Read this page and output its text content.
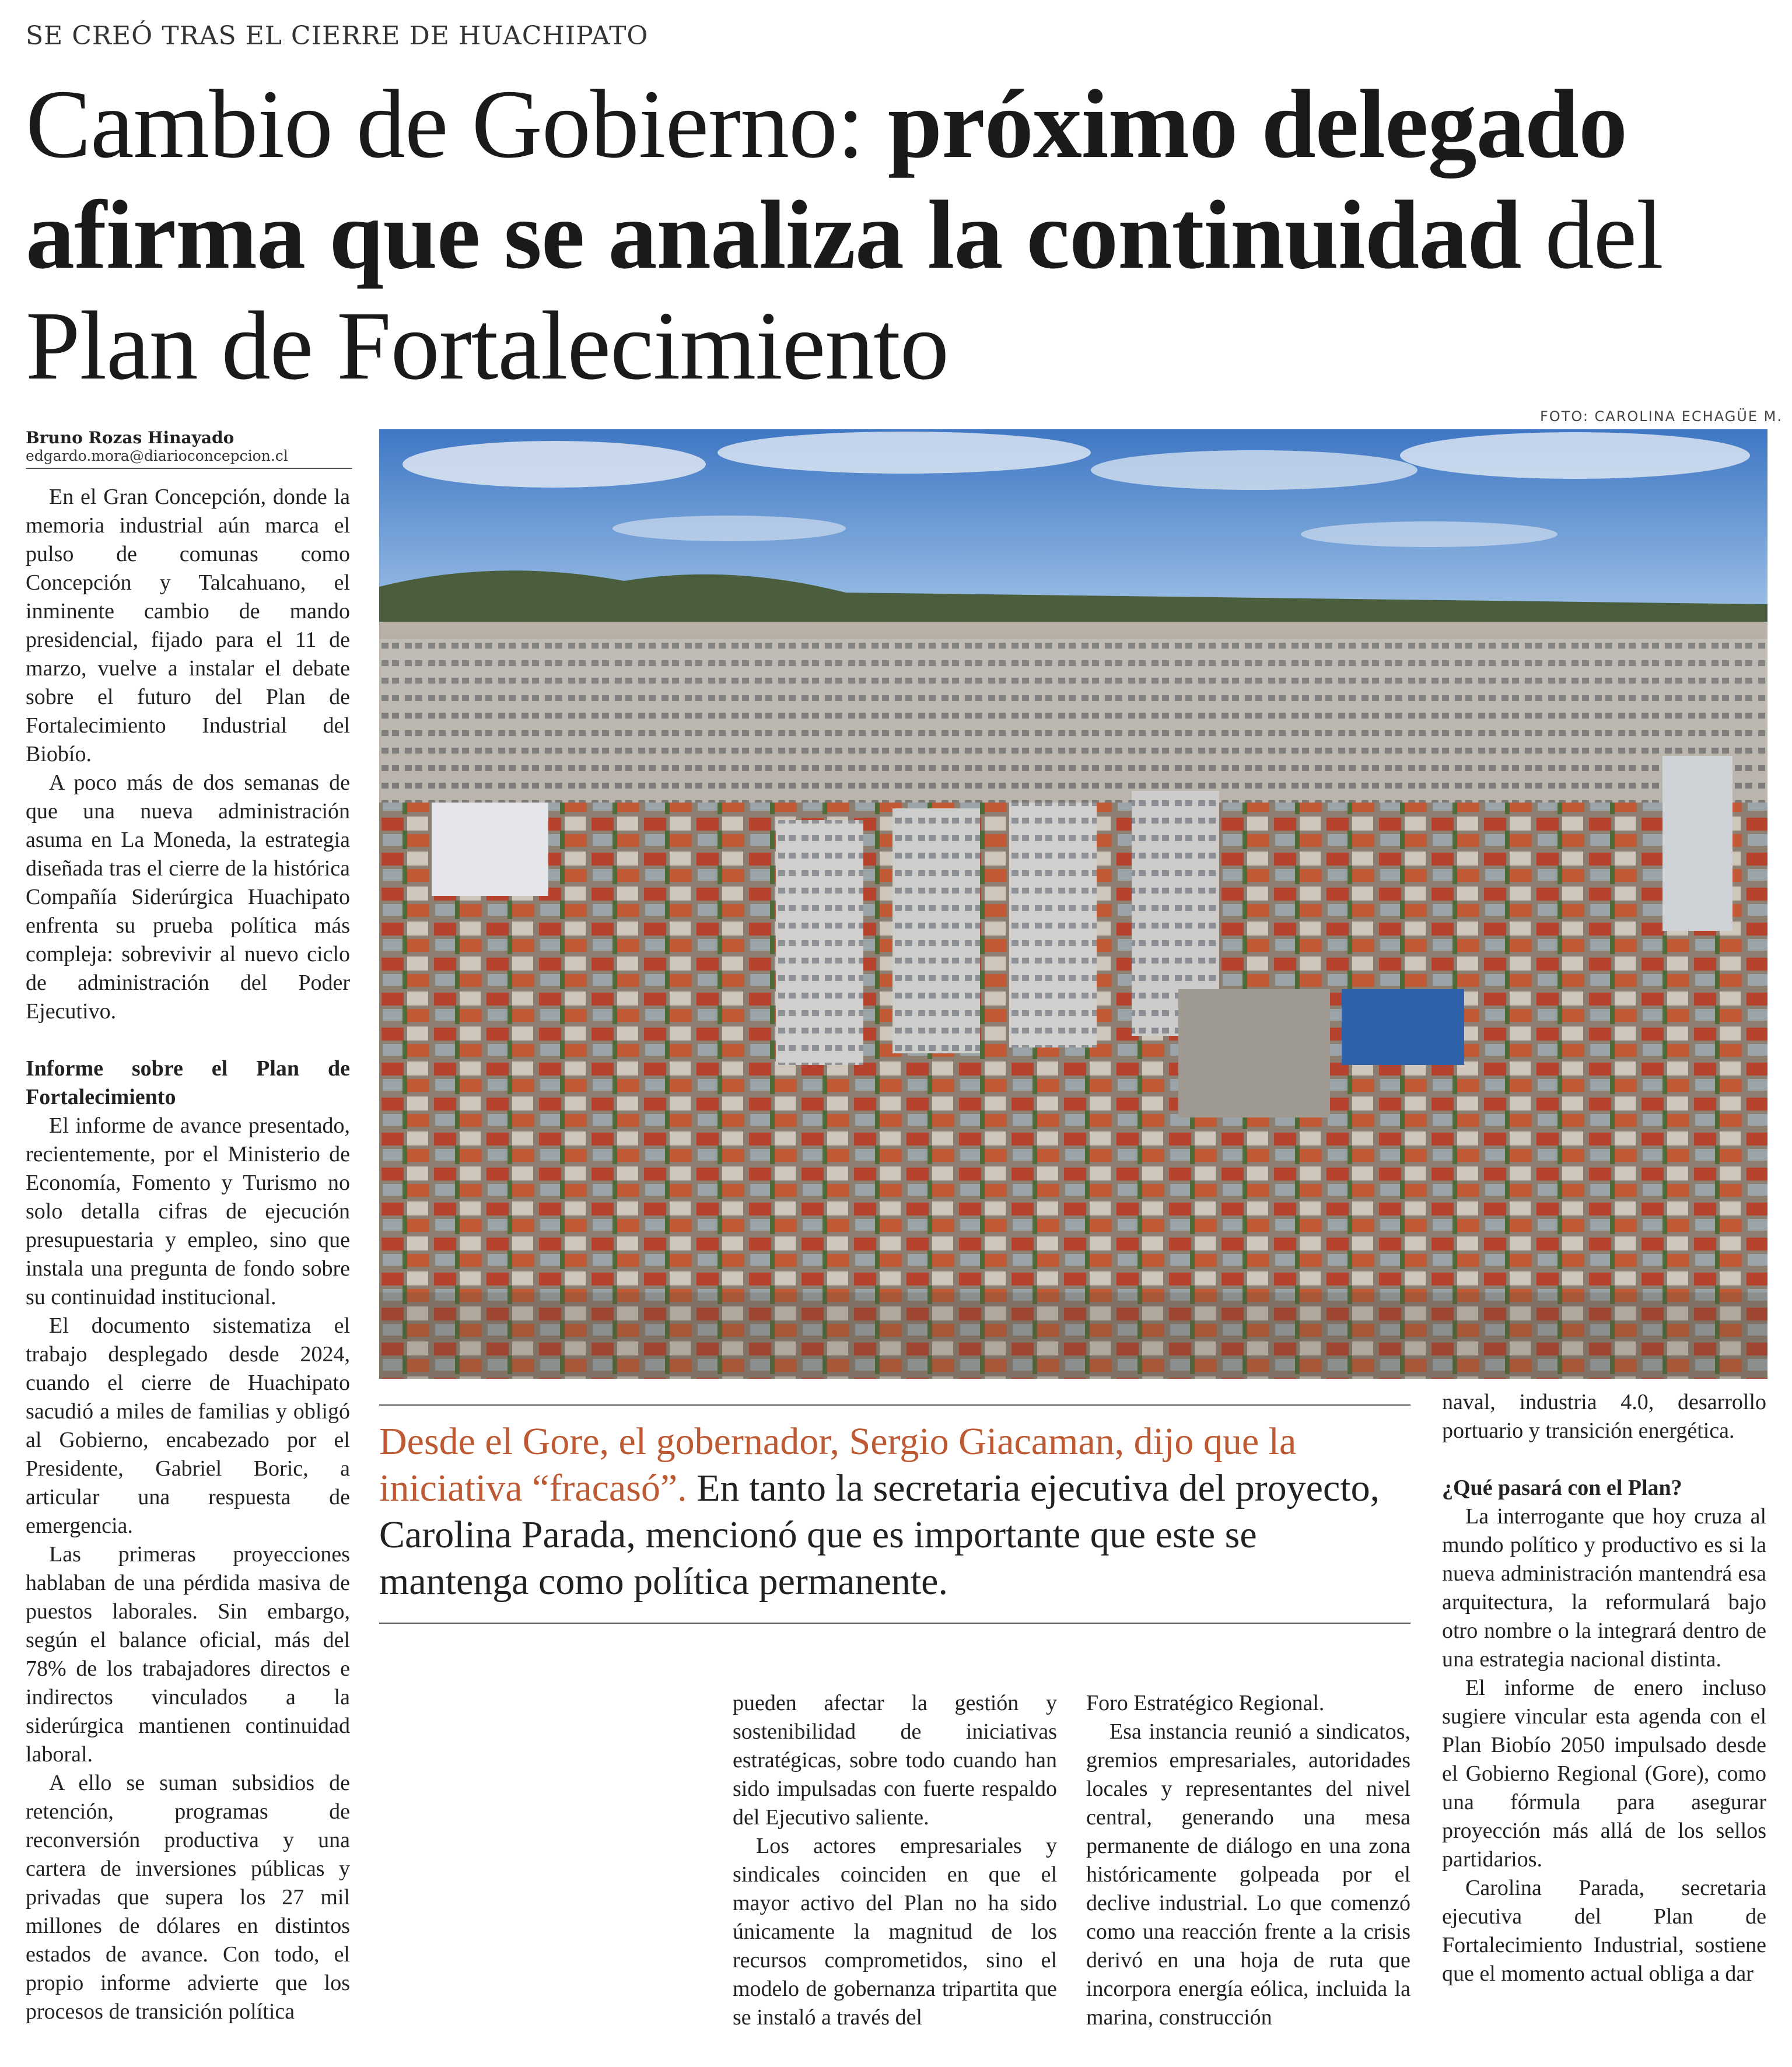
SE CREÓ TRAS EL CIERRE DE HUACHIPATO
Cambio de Gobierno: próximo delegado afirma que se analiza la continuidad del Plan de Fortalecimiento
Bruno Rozas Hinayado
edgardo.mora@diarioconcepcion.cl
FOTO: CAROLINA ECHAGÜE M.

En el Gran Concepción, donde la memoria industrial aún marca el pulso de comunas como Concepción y Talcahuano, el inminente cambio de mando presidencial, fijado para el 11 de marzo, vuelve a instalar el debate sobre el futuro del Plan de Fortalecimiento Industrial del Biobío.

A poco más de dos semanas de que una nueva administración asuma en La Moneda, la estrategia diseñada tras el cierre de la histórica Compañía Siderúrgica Huachipato enfrenta su prueba política más compleja: sobrevivir al nuevo ciclo de administración del Poder Ejecutivo.

Informe sobre el Plan de Fortalecimiento

El informe de avance presentado, recientemente, por el Ministerio de Economía, Fomento y Turismo no solo detalla cifras de ejecución presupuestaria y empleo, sino que instala una pregunta de fondo sobre su continuidad institucional.

El documento sistematiza el trabajo desplegado desde 2024, cuando el cierre de Huachipato sacudió a miles de familias y obligó al Gobierno, encabezado por el Presidente, Gabriel Boric, a articular una respuesta de emergencia.

Las primeras proyecciones hablaban de una pérdida masiva de puestos laborales. Sin embargo, según el balance oficial, más del 78% de los trabajadores directos e indirectos vinculados a la siderúrgica mantienen continuidad laboral.

A ello se suman subsidios de retención, programas de reconversión productiva y una cartera de inversiones públicas y privadas que supera los 27 mil millones de dólares en distintos estados de avance. Con todo, el propio informe advierte que los procesos de transición política

Desde el Gore, el gobernador, Sergio Giacaman, dijo que la iniciativa “fracasó”. En tanto la secretaria ejecutiva del proyecto, Carolina Parada, mencionó que es importante que este se mantenga como política permanente.

pueden afectar la gestión y sostenibilidad de iniciativas estratégicas, sobre todo cuando han sido impulsadas con fuerte respaldo del Ejecutivo saliente.

Los actores empresariales y sindicales coinciden en que el mayor activo del Plan no ha sido únicamente la magnitud de los recursos comprometidos, sino el modelo de gobernanza tripartita que se instaló a través del

Foro Estratégico Regional.

Esa instancia reunió a sindicatos, gremios empresariales, autoridades locales y representantes del nivel central, generando una mesa permanente de diálogo en una zona históricamente golpeada por el declive industrial. Lo que comenzó como una reacción frente a la crisis derivó en una hoja de ruta que incorpora energía eólica, incluida la marina, construcción

naval, industria 4.0, desarrollo portuario y transición energética.

¿Qué pasará con el Plan?

La interrogante que hoy cruza al mundo político y productivo es si la nueva administración mantendrá esa arquitectura, la reformulará bajo otro nombre o la integrará dentro de una estrategia nacional distinta.

El informe de enero incluso sugiere vincular esta agenda con el Plan Biobío 2050 impulsado desde el Gobierno Regional (Gore), como una fórmula para asegurar proyección más allá de los sellos partidarios.

Carolina Parada, secretaria ejecutiva del Plan de Fortalecimiento Industrial, sostiene que el momento actual obliga a dar
